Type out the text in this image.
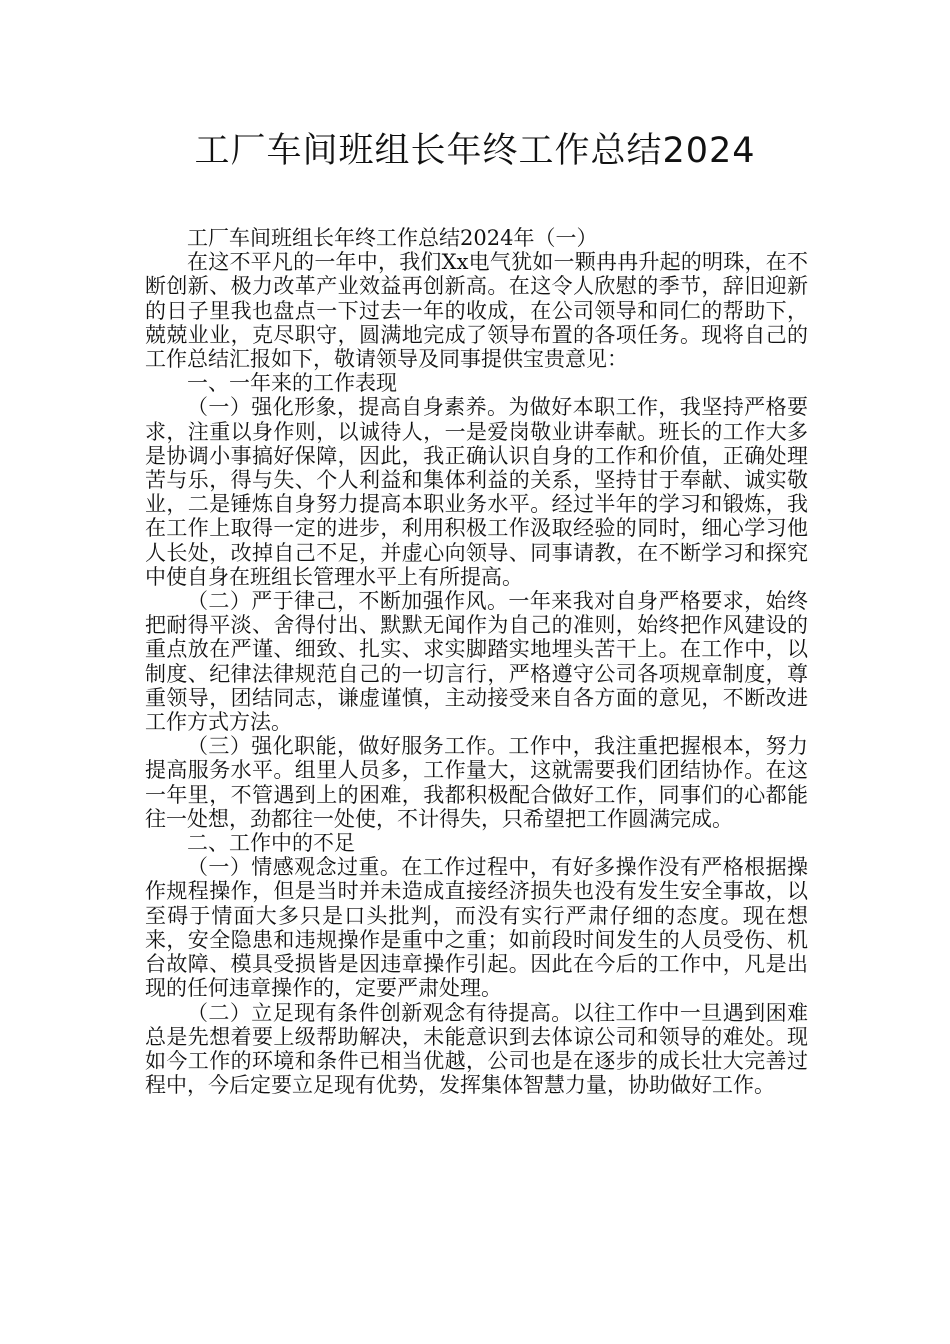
工厂车间班组长年终工作总结2024

工厂车间班组长年终工作总结2024年（一）

在这不平凡的一年中，我们Xx电气犹如一颗冉冉升起的明珠，在不断创新、极力改革产业效益再创新高。在这令人欣慰的季节，辞旧迎新的日子里我也盘点一下过去一年的收成，在公司领导和同仁的帮助下，兢兢业业，克尽职守，圆满地完成了领导布置的各项任务。现将自己的工作总结汇报如下，敬请领导及同事提供宝贵意见：

一、一年来的工作表现

（一）强化形象，提高自身素养。为做好本职工作，我坚持严格要求，注重以身作则，以诚待人，一是爱岗敬业讲奉献。班长的工作大多是协调小事搞好保障，因此，我正确认识自身的工作和价值，正确处理苦与乐，得与失、个人利益和集体利益的关系，坚持甘于奉献、诚实敬业，二是锤炼自身努力提高本职业务水平。经过半年的学习和锻炼，我在工作上取得一定的进步，利用积极工作汲取经验的同时，细心学习他人长处，改掉自己不足，并虚心向领导、同事请教，在不断学习和探究中使自身在班组长管理水平上有所提高。

（二）严于律己，不断加强作风。一年来我对自身严格要求，始终把耐得平淡、舍得付出、默默无闻作为自己的准则，始终把作风建设的重点放在严谨、细致、扎实、求实脚踏实地埋头苦干上。在工作中，以制度、纪律法律规范自己的一切言行，严格遵守公司各项规章制度，尊重领导，团结同志，谦虚谨慎，主动接受来自各方面的意见，不断改进工作方式方法。

（三）强化职能，做好服务工作。工作中，我注重把握根本，努力提高服务水平。组里人员多，工作量大，这就需要我们团结协作。在这一年里，不管遇到上的困难，我都积极配合做好工作，同事们的心都能往一处想，劲都往一处使，不计得失，只希望把工作圆满完成。

二、工作中的不足

（一）情感观念过重。在工作过程中，有好多操作没有严格根据操作规程操作，但是当时并未造成直接经济损失也没有发生安全事故，以至碍于情面大多只是口头批判，而没有实行严肃仔细的态度。现在想来，安全隐患和违规操作是重中之重；如前段时间发生的人员受伤、机台故障、模具受损皆是因违章操作引起。因此在今后的工作中，凡是出现的任何违章操作的，定要严肃处理。

（二）立足现有条件创新观念有待提高。以往工作中一旦遇到困难总是先想着要上级帮助解决，未能意识到去体谅公司和领导的难处。现如今工作的环境和条件已相当优越，公司也是在逐步的成长壮大完善过程中，今后定要立足现有优势，发挥集体智慧力量，协助做好工作。
